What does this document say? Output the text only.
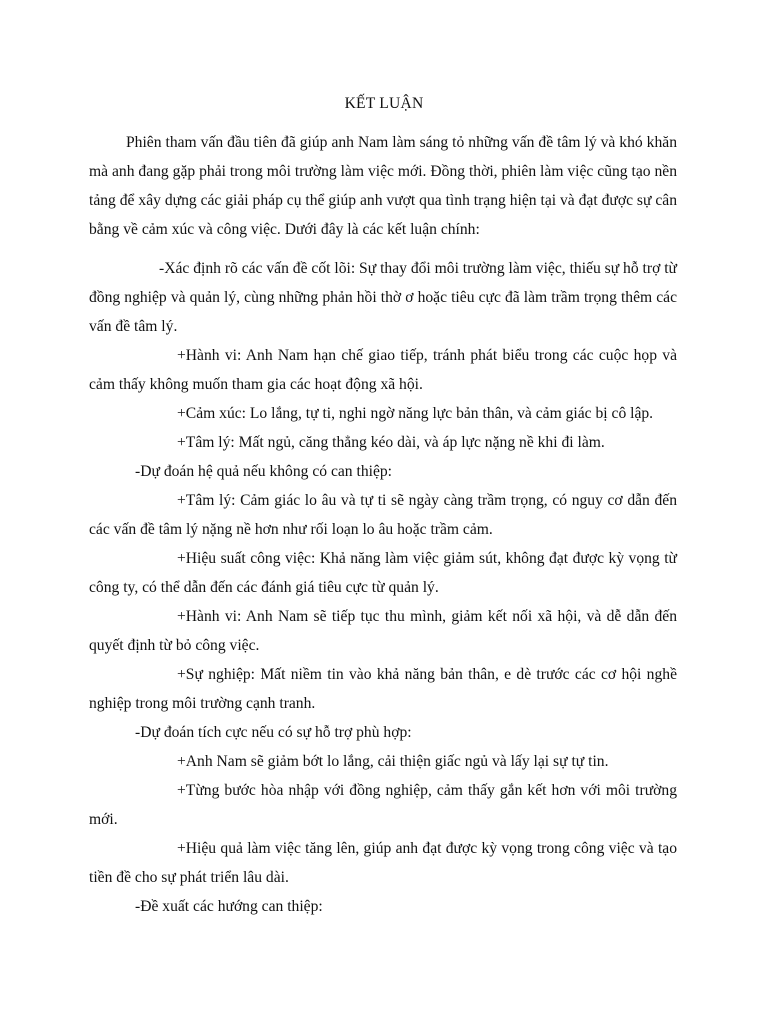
KẾT LUẬN
Phiên tham vấn đầu tiên đã giúp anh Nam làm sáng tỏ những vấn đề tâm lý và khó khăn mà anh đang gặp phải trong môi trường làm việc mới. Đồng thời, phiên làm việc cũng tạo nền tảng để xây dựng các giải pháp cụ thể giúp anh vượt qua tình trạng hiện tại và đạt được sự cân bằng về cảm xúc và công việc. Dưới đây là các kết luận chính:
-Xác định rõ các vấn đề cốt lõi: Sự thay đổi môi trường làm việc, thiếu sự hỗ trợ từ đồng nghiệp và quản lý, cùng những phản hồi thờ ơ hoặc tiêu cực đã làm trầm trọng thêm các vấn đề tâm lý.
+Hành vi: Anh Nam hạn chế giao tiếp, tránh phát biểu trong các cuộc họp và cảm thấy không muốn tham gia các hoạt động xã hội.
+Cảm xúc: Lo lắng, tự ti, nghi ngờ năng lực bản thân, và cảm giác bị cô lập.
+Tâm lý: Mất ngủ, căng thẳng kéo dài, và áp lực nặng nề khi đi làm.
-Dự đoán hệ quả nếu không có can thiệp:
+Tâm lý: Cảm giác lo âu và tự ti sẽ ngày càng trầm trọng, có nguy cơ dẫn đến các vấn đề tâm lý nặng nề hơn như rối loạn lo âu hoặc trầm cảm.
+Hiệu suất công việc: Khả năng làm việc giảm sút, không đạt được kỳ vọng từ công ty, có thể dẫn đến các đánh giá tiêu cực từ quản lý.
+Hành vi: Anh Nam sẽ tiếp tục thu mình, giảm kết nối xã hội, và dễ dẫn đến quyết định từ bỏ công việc.
+Sự nghiệp: Mất niềm tin vào khả năng bản thân, e dè trước các cơ hội nghề nghiệp trong môi trường cạnh tranh.
-Dự đoán tích cực nếu có sự hỗ trợ phù hợp:
+Anh Nam sẽ giảm bớt lo lắng, cải thiện giấc ngủ và lấy lại sự tự tin.
+Từng bước hòa nhập với đồng nghiệp, cảm thấy gắn kết hơn với môi trường mới.
+Hiệu quả làm việc tăng lên, giúp anh đạt được kỳ vọng trong công việc và tạo tiền đề cho sự phát triển lâu dài.
-Đề xuất các hướng can thiệp:
